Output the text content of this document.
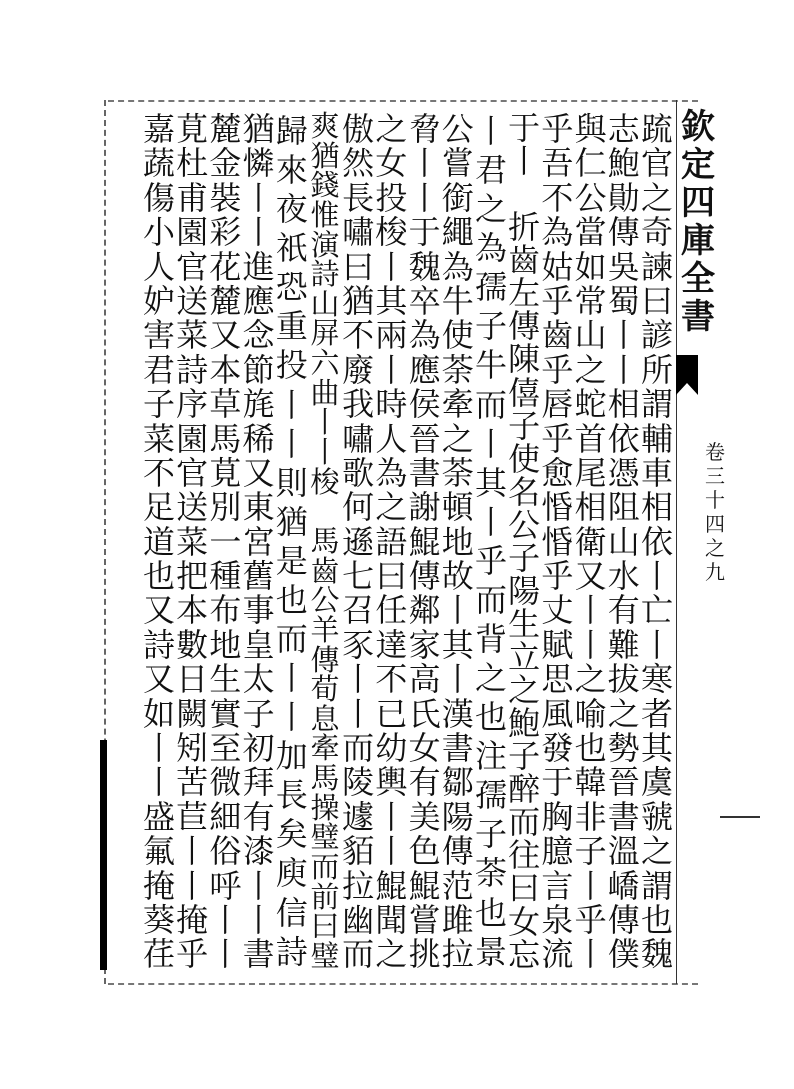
欽
定
四
庫
全
書
卷
三
十
四
之
九
䟽
官
之
奇
諫
曰
諺
所
謂
輔
車
相
依
丨
亡
丨
寒
者
其
虞
虢
之
謂
也
魏
志
鮑
勛
傳
吳
蜀
丨
丨
相
依
憑
阻
山
水
有
難
拔
之
勢
晉
書
溫
嶠
傳
僕
與
仁
公
當
如
常
山
之
蛇
首
尾
相
衛
又
丨
丨
之
喻
也
韓
非
子
丨
乎
丨
乎
吾
不
為
姑
乎
齒
乎
唇
乎
愈
惛
惛
乎
丈
賦
思
風
發
于
胸
臆
言
泉
流
于
丨

折
齒
左
傳
陳
僖
子
使
名
公
子
陽
生
立
之
鮑
子
醉
而
往
曰
女
忘
丨
君
之
為
孺
子
牛
而
丨
其
丨
乎
而
背
之
也
注
孺
子
荼
也
景
公
嘗
銜
繩
為
牛
使
荼
牽
之
荼
頓
地
故
丨
其
丨
漢
書
鄒
陽
傳
范
雎
拉
脅
丨
丨
于
魏
卒
為
應
侯
晉
書
謝
鯤
傳
鄰
家
高
氏
女
有
美
色
鯤
嘗
挑
之
女
投
梭
丨
其
兩
丨
時
人
為
之
語
曰
任
達
不
已
幼
輿
丨
丨
鯤
聞
之
傲
然
長
嘯
曰
猶
不
廢
我
嘯
歌
何
遜
七
召
豕
丨
丨
而
陵
遽
貊
拉
幽
而
爽
猶
錢
惟
演
詩
山
屏
六
曲
丨
丨
梭

馬
齒
公
羊
傳
荀
息
牽
馬
操
璧
而
前
曰
璧
歸
來
夜
祇
恐
重
投
丨
丨
則
猶
是
也
而
丨
丨
加
長
矣
庾
信
詩
猶
憐
丨
丨
進
應
念
節
旄
稀
又
東
宮
舊
事
皇
太
子
初
拜
有
漆
丨
丨
書
麓
金
裝
彩
花
麓
又
本
草
馬
莧
別
一
種
布
地
生
實
至
微
細
俗
呼
丨
丨
莧
杜
甫
園
官
送
菜
詩
序
園
官
送
菜
把
本
數
日
闕
矧
苦
苣
丨
丨
掩
乎
嘉
蔬
傷
小
人
妒
害
君
子
菜
不
足
道
也
又
詩
又
如
丨
丨
盛
氟
掩
葵
荏
